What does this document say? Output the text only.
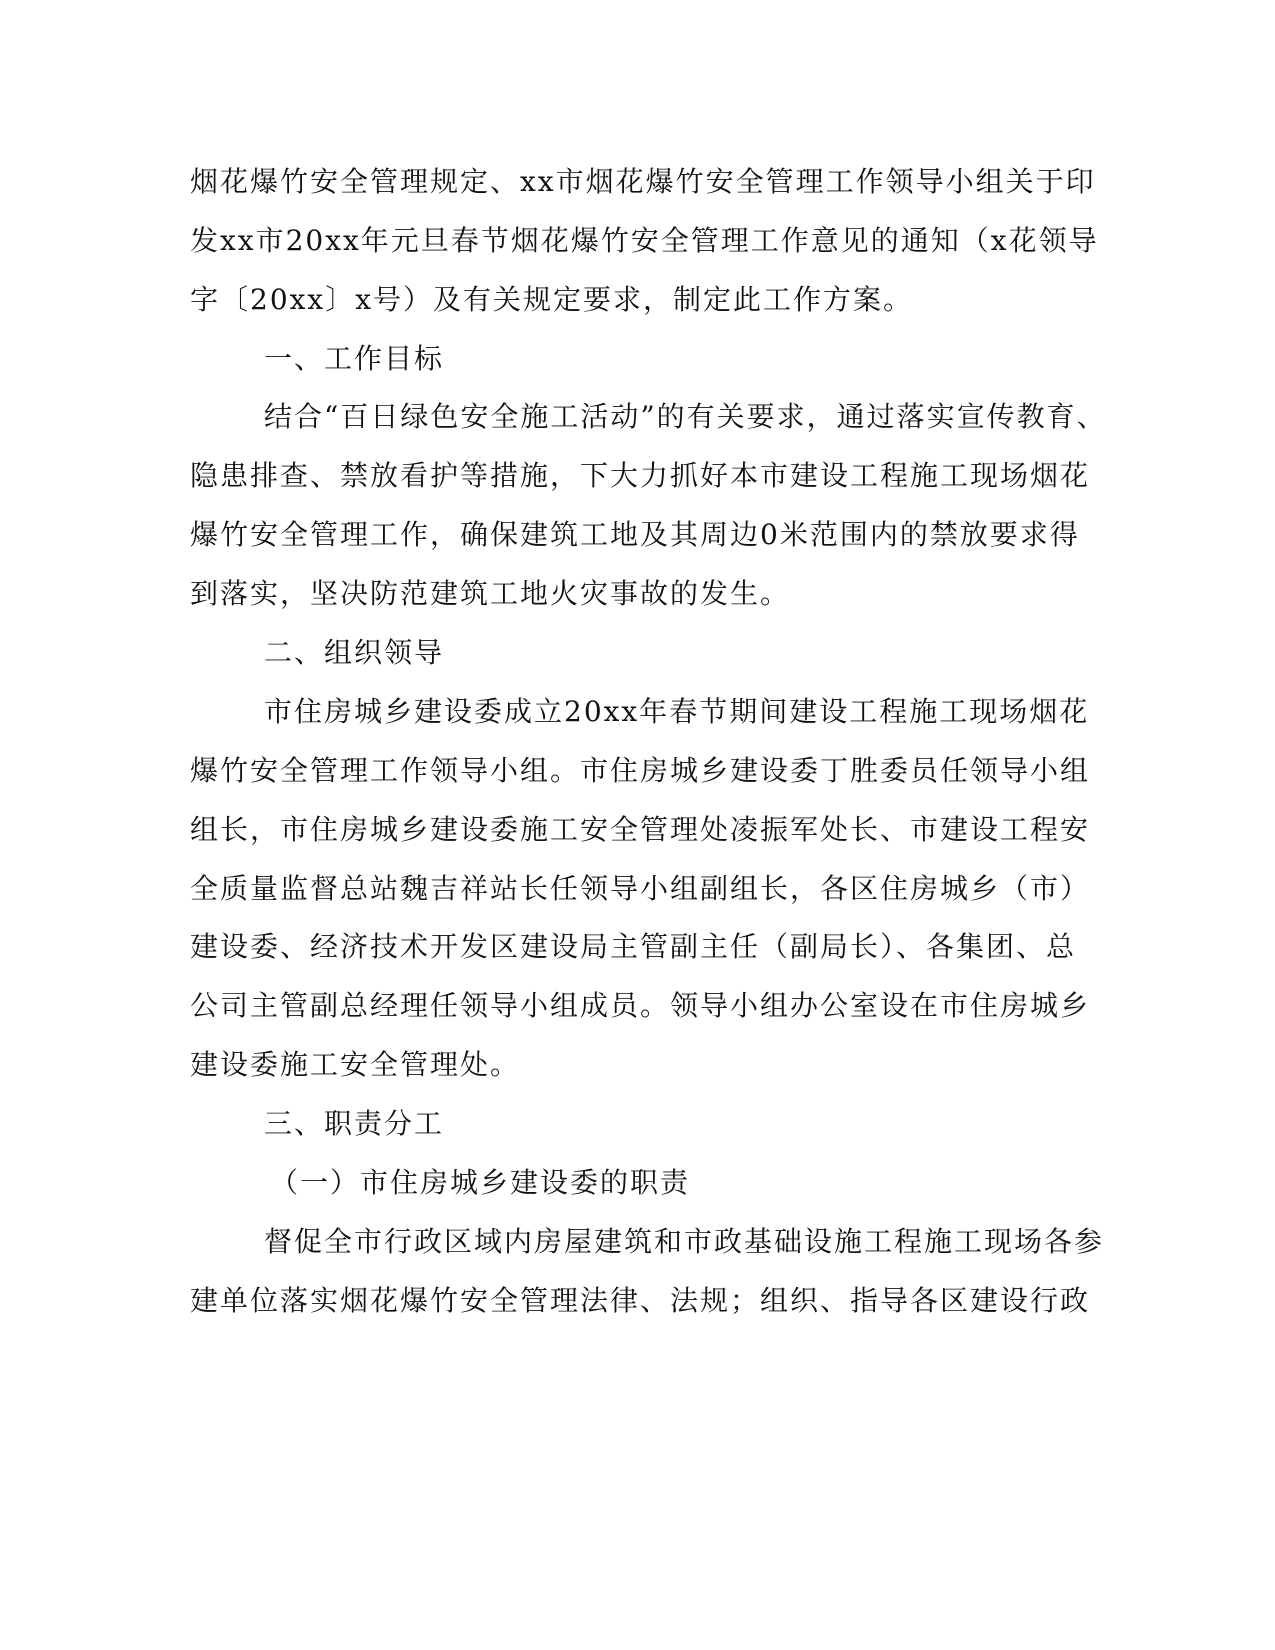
烟花爆竹安全管理规定、xx市烟花爆竹安全管理工作领导小组关于印
发xx市20xx年元旦春节烟花爆竹安全管理工作意见的通知（x花领导
字〔20xx〕x号）及有关规定要求，制定此工作方案。
一、工作目标
结合“百日绿色安全施工活动”的有关要求，通过落实宣传教育、
隐患排查、禁放看护等措施，下大力抓好本市建设工程施工现场烟花
爆竹安全管理工作，确保建筑工地及其周边0米范围内的禁放要求得
到落实，坚决防范建筑工地火灾事故的发生。
二、组织领导
市住房城乡建设委成立20xx年春节期间建设工程施工现场烟花
爆竹安全管理工作领导小组。市住房城乡建设委丁胜委员任领导小组
组长，市住房城乡建设委施工安全管理处凌振军处长、市建设工程安
全质量监督总站魏吉祥站长任领导小组副组长，各区住房城乡（市）
建设委、经济技术开发区建设局主管副主任（副局长）、各集团、总
公司主管副总经理任领导小组成员。领导小组办公室设在市住房城乡
建设委施工安全管理处。
三、职责分工
（一）市住房城乡建设委的职责
督促全市行政区域内房屋建筑和市政基础设施工程施工现场各参
建单位落实烟花爆竹安全管理法律、法规；组织、指导各区建设行政
